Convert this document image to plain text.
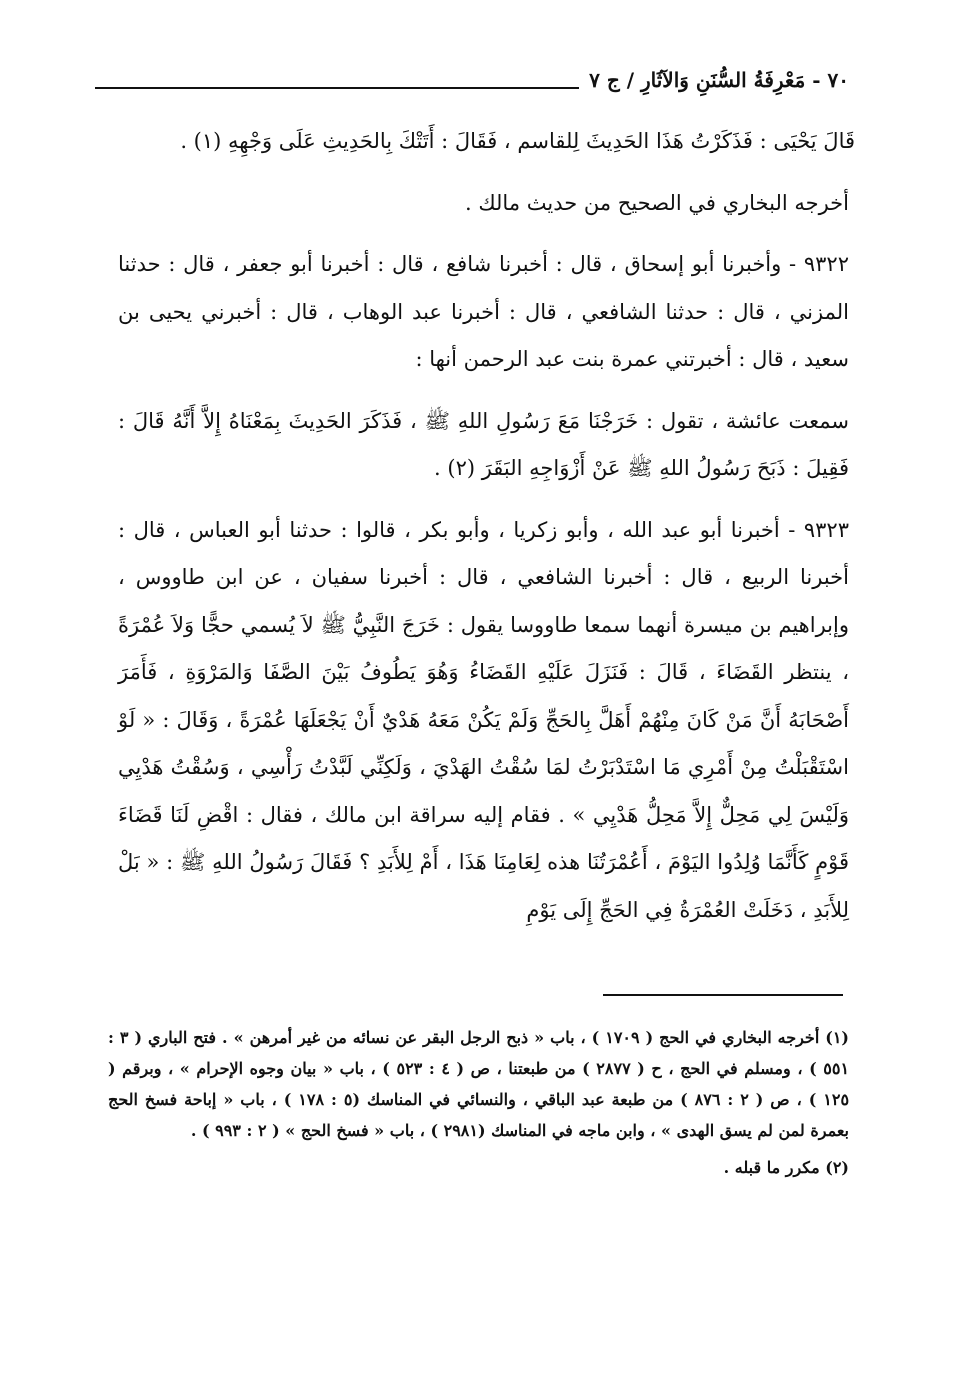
٧٠ - مَعْرِفَةُ السُّنَنِ وَالآثَارِ / ج ٧

قَالَ يَحْيَى : فَذَكَرْتُ هَذَا الحَدِيثَ لِلقاسم ، فَقَالَ : أَتَتْكَ بِالحَدِيثِ عَلَى وَجْهِهِ (١) .

أخرجه البخاري في الصحيح من حديث مالك .

٩٣٢٢ - وأخبرنا أبو إسحاق ، قال : أخبرنا شافع ، قال : أخبرنا أبو جعفر ، قال : حدثنا المزني ، قال : حدثنا الشافعي ، قال : أخبرنا عبد الوهاب ، قال : أخبرني يحيى بن سعيد ، قال : أخبرتني عمرة بنت عبد الرحمن أنها :

سمعت عائشة ، تقول : خَرَجْنَا مَعَ رَسُولِ اللهِ ﷺ ، فَذَكَرَ الحَدِيثَ بِمَعْنَاهُ إِلاَّ أَنَّهُ قَالَ : فَقِيلَ : ذَبَحَ رَسُولُ اللهِ ﷺ عَنْ أَزْوَاجِهِ البَقَرَ (٢) .

٩٣٢٣ - أخبرنا أبو عبد الله ، وأبو زكريا ، وأبو بكر ، قالوا : حدثنا أبو العباس ، قال : أخبرنا الربيع ، قال : أخبرنا الشافعي ، قال : أخبرنا سفيان ، عن ابن طاووس ، وإبراهيم بن ميسرة أنهما سمعا طاووسا يقول : خَرَجَ النَّبِيُّ ﷺ لاَ يُسمي حجًّا وَلاَ عُمْرَةً ، ينتظر القَضَاءَ ، قَالَ : فَنَزَلَ عَلَيْهِ القَضَاءُ وَهُوَ يَطُوفُ بَيْنَ الصَّفَا وَالمَرْوَةِ ، فَأَمَرَ أَصْحَابَهُ أَنَّ مَنْ كَانَ مِنْهُمْ أَهَلَّ بِالحَجِّ وَلَمْ يَكُنْ مَعَهُ هَدْيٌ أَنْ يَجْعَلَهَا عُمْرَةً ، وَقَالَ : « لَوْ اسْتَقْبَلْتُ مِنْ أَمْرِي مَا اسْتَدْبَرْتُ لمَا سُقْتُ الهَدْيَ ، وَلَكِنِّي لَبَّدْتُ رَأْسِي ، وَسُقْتُ هَدْيِي وَلَيْسَ لِي مَحِلٌّ إِلاَّ مَحِلُّ هَدْيِي » . فقام إليه سراقة ابن مالك ، فقال : اقْضِ لَنَا قَضَاءَ قَوْمٍ كَأَنَّمَا وُلِدُوا اليَوْمَ ، أَعُمْرَتُنَا هذه لِعَامِنَا هَذَا ، أَمْ لِلأَبَدِ ؟ فَقَالَ رَسُولُ اللهِ ﷺ : « بَلْ لِلأَبَدِ ، دَخَلَتْ العُمْرَةُ فِي الحَجِّ إِلَى يَوْمِ

(١) أخرجه البخاري في الحج ( ١٧٠٩ ) ، باب « ذبح الرجل البقر عن نسائه من غير أمرهن » . فتح الباري ( ٣ : ٥٥١ ) ، ومسلم في الحج ، ح ( ٢٨٧٧ ) من طبعتنا ، ص ( ٤ : ٥٢٣ ) ، باب « بيان وجوه الإحرام » ، وبرقم ( ١٢٥ ) ، ص ( ٢ : ٨٧٦ ) من طبعة عبد الباقي ، والنسائي في المناسك (٥ : ١٧٨ ) ، باب « إباحة فسخ الحج بعمرة لمن لم يسق الهدى » ، وابن ماجه في المناسك (٢٩٨١ ) ، باب « فسخ الحج » ( ٢ : ٩٩٣ ) .

(٢) مكرر ما قبله .
